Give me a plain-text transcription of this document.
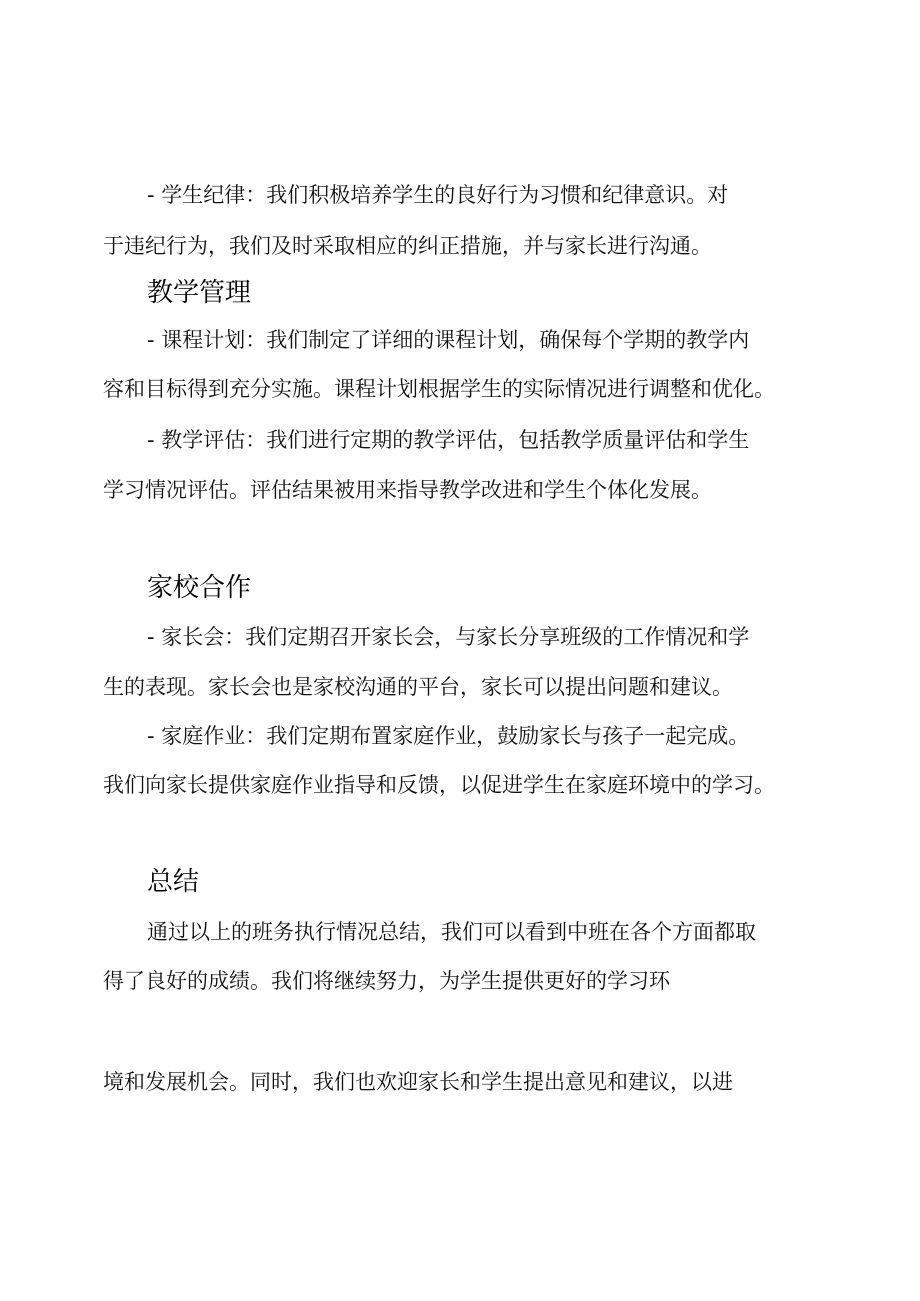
- 学生纪律：我们积极培养学生的良好行为习惯和纪律意识。对
于违纪行为，我们及时采取相应的纠正措施，并与家长进行沟通。
教学管理
- 课程计划：我们制定了详细的课程计划，确保每个学期的教学内
容和目标得到充分实施。课程计划根据学生的实际情况进行调整和优化。
- 教学评估：我们进行定期的教学评估，包括教学质量评估和学生
学习情况评估。评估结果被用来指导教学改进和学生个体化发展。
家校合作
- 家长会：我们定期召开家长会，与家长分享班级的工作情况和学
生的表现。家长会也是家校沟通的平台，家长可以提出问题和建议。
- 家庭作业：我们定期布置家庭作业，鼓励家长与孩子一起完成。
我们向家长提供家庭作业指导和反馈，以促进学生在家庭环境中的学习。
总结
通过以上的班务执行情况总结，我们可以看到中班在各个方面都取
得了良好的成绩。我们将继续努力，为学生提供更好的学习环
境和发展机会。同时，我们也欢迎家长和学生提出意见和建议，以进
